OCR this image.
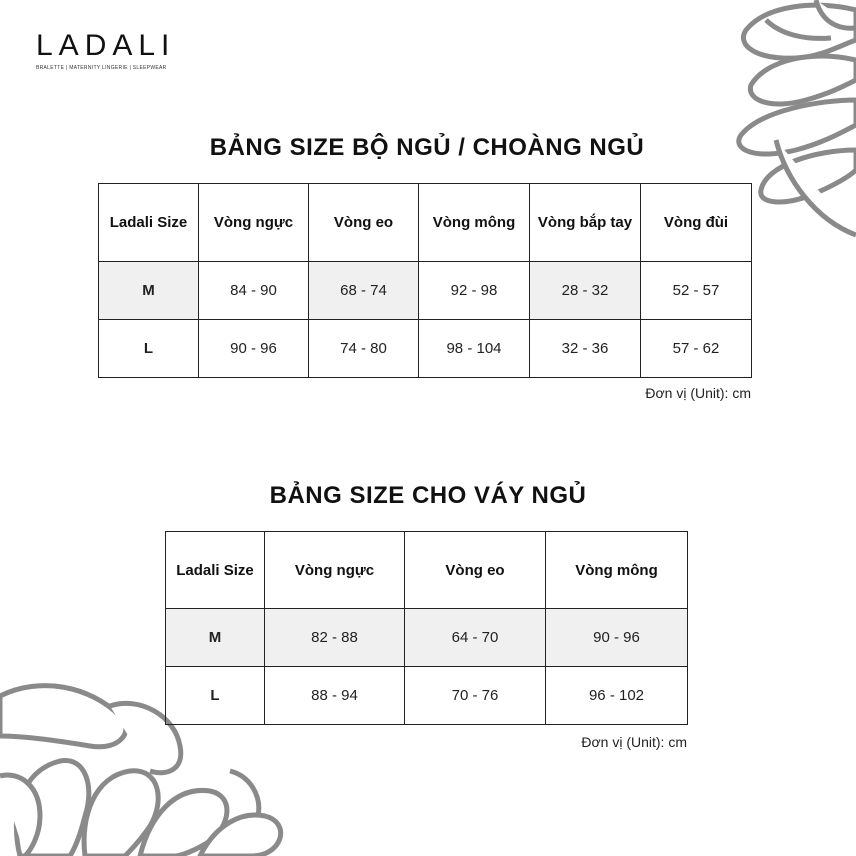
LADALI
BRALETTE | MATERNITY LINGERIE | SLEEPWEAR
BẢNG SIZE BỘ NGỦ / CHOÀNG NGỦ
Ladali Size	Vòng ngực	Vòng eo	Vòng mông	Vòng bắp tay	Vòng đùi
M	84 - 90	68 - 74	92 - 98	28 - 32	52 - 57
L	90 - 96	74 - 80	98 - 104	32 - 36	57 - 62
Đơn vị (Unit): cm
BẢNG SIZE CHO VÁY NGỦ
Ladali Size	Vòng ngực	Vòng eo	Vòng mông
M	82 - 88	64 - 70	90 - 96
L	88 - 94	70 - 76	96 - 102
Đơn vị (Unit): cm
